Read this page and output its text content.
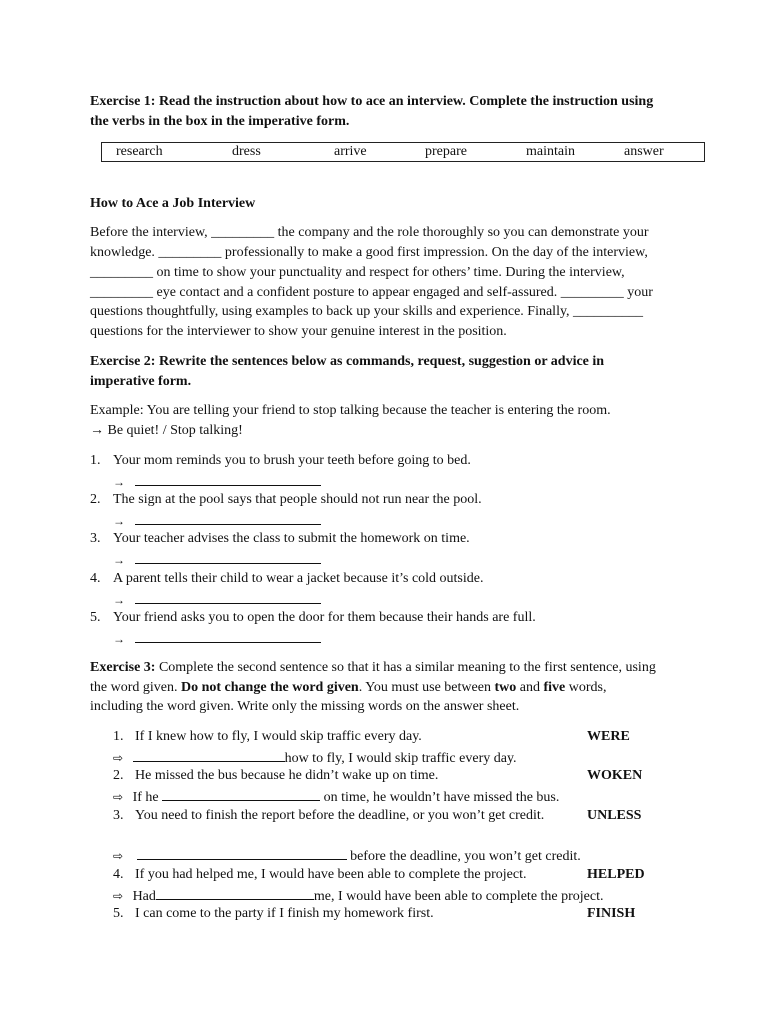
Exercise 1: Read the instruction about how to ace an interview. Complete the instruction using
the verbs in the box in the imperative form.
research	dress	arrive	prepare	maintain	answer
How to Ace a Job Interview
Before the interview, _________ the company and the role thoroughly so you can demonstrate your
knowledge. _________ professionally to make a good first impression. On the day of the interview,
_________ on time to show your punctuality and respect for others’ time. During the interview,
_________ eye contact and a confident posture to appear engaged and self-assured. _________ your
questions thoughtfully, using examples to back up your skills and experience. Finally, __________
questions for the interviewer to show your genuine interest in the position.
Exercise 2: Rewrite the sentences below as commands, request, suggestion or advice in
imperative form.
Example: You are telling your friend to stop talking because the teacher is entering the room.
→ Be quiet! / Stop talking!
1. Your mom reminds you to brush your teeth before going to bed.
→
2. The sign at the pool says that people should not run near the pool.
→
3. Your teacher advises the class to submit the homework on time.
→
4. A parent tells their child to wear a jacket because it’s cold outside.
→
5. Your friend asks you to open the door for them because their hands are full.
→
Exercise 3: Complete the second sentence so that it has a similar meaning to the first sentence, using
the word given. Do not change the word given. You must use between two and five words,
including the word given. Write only the missing words on the answer sheet.
1. If I knew how to fly, I would skip traffic every day.	WERE
⇨	how to fly, I would skip traffic every day.
2. He missed the bus because he didn’t wake up on time.	WOKEN
⇨ If he	on time, he wouldn’t have missed the bus.
3. You need to finish the report before the deadline, or you won’t get credit.	UNLESS
⇨	before the deadline, you won’t get credit.
4. If you had helped me, I would have been able to complete the project.	HELPED
⇨ Had	me, I would have been able to complete the project.
5. I can come to the party if I finish my homework first.	FINISH
